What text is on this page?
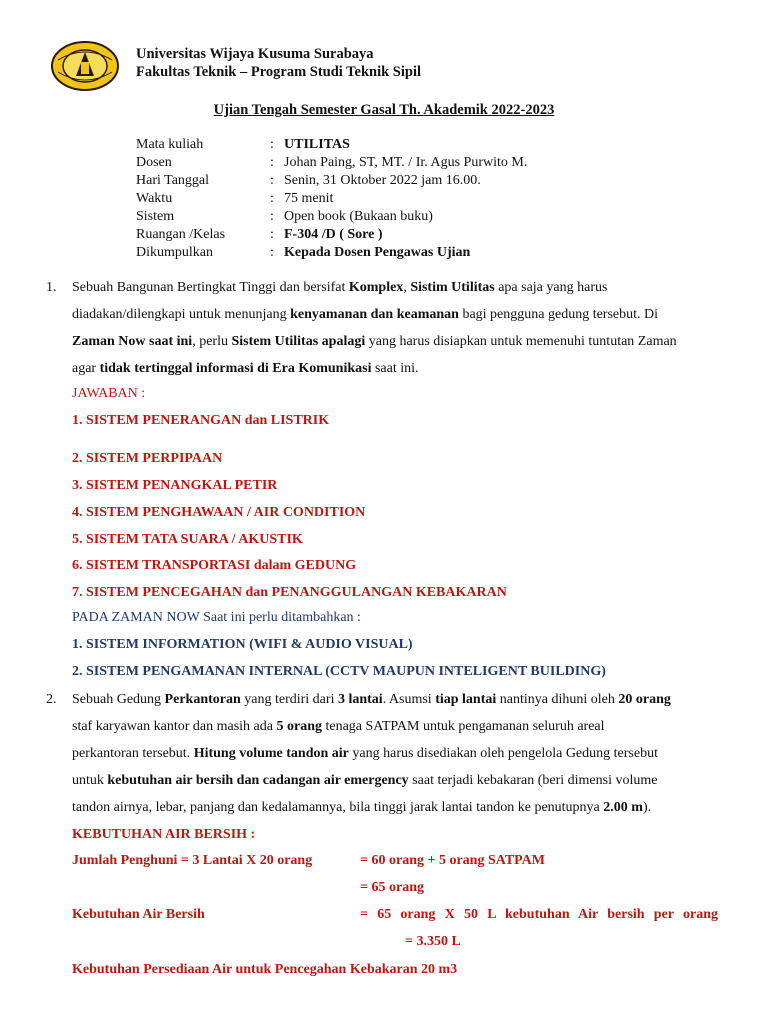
Universitas Wijaya Kusuma Surabaya
Fakultas Teknik – Program Studi Teknik Sipil
Ujian Tengah Semester Gasal Th. Akademik 2022-2023
Mata kuliah	: UTILITAS
Dosen	: Johan Paing, ST, MT. / Ir. Agus Purwito M.
Hari Tanggal	: Senin, 31 Oktober 2022 jam 16.00.
Waktu	: 75 menit
Sistem	: Open book (Bukaan buku)
Ruangan /Kelas	: F-304 /D ( Sore )
Dikumpulkan	: Kepada Dosen Pengawas Ujian
1. Sebuah Bangunan Bertingkat Tinggi dan bersifat Komplex, Sistim Utilitas apa saja yang harus

diadakan/dilengkapi untuk menunjang kenyamanan dan keamanan bagi pengguna gedung tersebut. Di

Zaman Now saat ini, perlu Sistem Utilitas apalagi yang harus disiapkan untuk memenuhi tuntutan Zaman

agar tidak tertinggal informasi di Era Komunikasi saat ini.

JAWABAN :
1. SISTEM PENERANGAN dan LISTRIK
2. SISTEM PERPIPAAN
3. SISTEM PENANGKAL PETIR
4. SISTEM PENGHAWAAN / AIR CONDITION
5. SISTEM TATA SUARA / AKUSTIK
6. SISTEM TRANSPORTASI dalam GEDUNG
7. SISTEM PENCEGAHAN dan PENANGGULANGAN KEBAKARAN
PADA ZAMAN NOW Saat ini perlu ditambahkan :
1. SISTEM INFORMATION (WIFI & AUDIO VISUAL)
2. SISTEM PENGAMANAN INTERNAL (CCTV MAUPUN INTELIGENT BUILDING)
2. Sebuah Gedung Perkantoran yang terdiri dari 3 lantai. Asumsi tiap lantai nantinya dihuni oleh 20 orang

staf karyawan kantor dan masih ada 5 orang tenaga SATPAM untuk pengamanan seluruh areal

perkantoran tersebut. Hitung volume tandon air yang harus disediakan oleh pengelola Gedung tersebut

untuk kebutuhan air bersih dan cadangan air emergency saat terjadi kebakaran (beri dimensi volume

tandon airnya, lebar, panjang dan kedalamannya, bila tinggi jarak lantai tandon ke penutupnya 2.00 m).

KEBUTUHAN AIR BERSIH :
Jumlah Penghuni = 3 Lantai X 20 orang	= 60 orang + 5 orang SATPAM
= 65 orang
Kebutuhan Air Bersih	= 65 orang X 50 L kebutuhan Air bersih per orang
= 3.350 L
Kebutuhan Persediaan Air untuk Pencegahan Kebakaran 20 m3
